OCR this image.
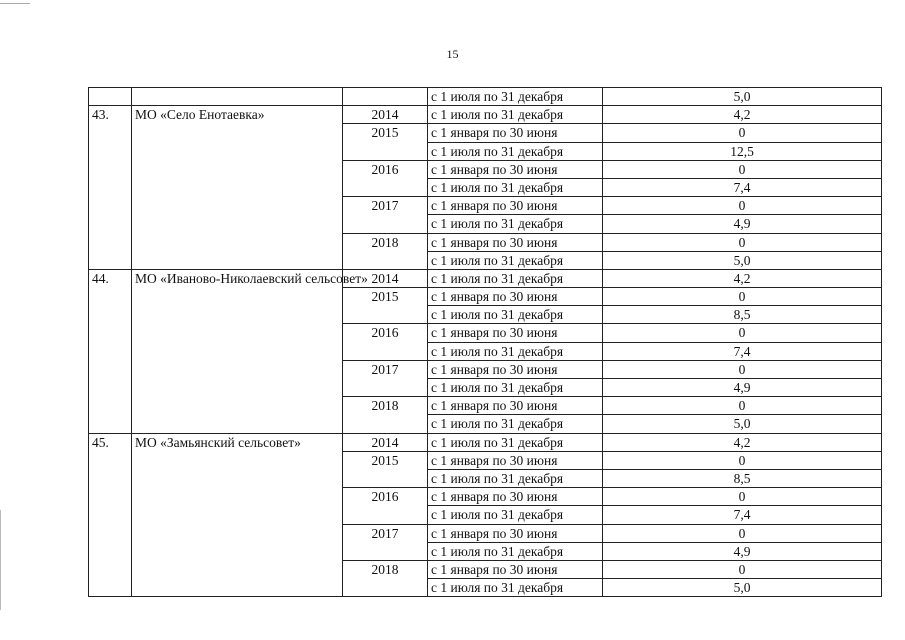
15
			с 1 июля по 31 декабря	5,0
43.	МО «Село Енотаевка»	2014	с 1 июля по 31 декабря	4,2
		2015	с 1 января по 30 июня	0
			с 1 июля по 31 декабря	12,5
		2016	с 1 января по 30 июня	0
			с 1 июля по 31 декабря	7,4
		2017	с 1 января по 30 июня	0
			с 1 июля по 31 декабря	4,9
		2018	с 1 января по 30 июня	0
			с 1 июля по 31 декабря	5,0
44.	МО «Иваново-Николаевский сельсовет»	2014	с 1 июля по 31 декабря	4,2
		2015	с 1 января по 30 июня	0
			с 1 июля по 31 декабря	8,5
		2016	с 1 января по 30 июня	0
			с 1 июля по 31 декабря	7,4
		2017	с 1 января по 30 июня	0
			с 1 июля по 31 декабря	4,9
		2018	с 1 января по 30 июня	0
			с 1 июля по 31 декабря	5,0
45.	МО «Замьянский сельсовет»	2014	с 1 июля по 31 декабря	4,2
		2015	с 1 января по 30 июня	0
			с 1 июля по 31 декабря	8,5
		2016	с 1 января по 30 июня	0
			с 1 июля по 31 декабря	7,4
		2017	с 1 января по 30 июня	0
			с 1 июля по 31 декабря	4,9
		2018	с 1 января по 30 июня	0
			с 1 июля по 31 декабря	5,0
